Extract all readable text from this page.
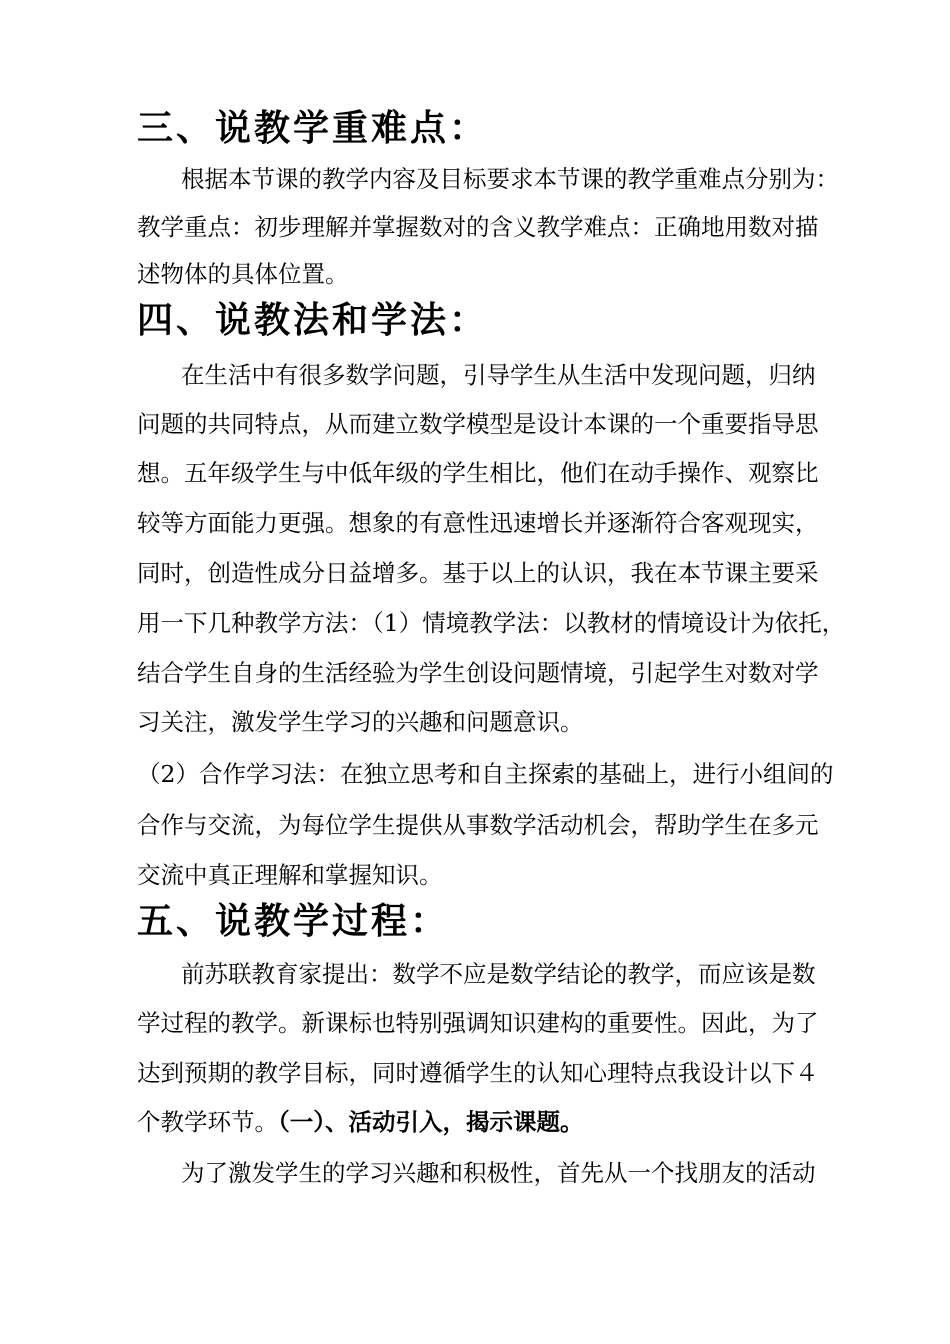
三、说教学重难点：
根据本节课的教学内容及目标要求本节课的教学重难点分别为：
教学重点：初步理解并掌握数对的含义教学难点：正确地用数对描
述物体的具体位置。
四、说教法和学法：
在生活中有很多数学问题，引导学生从生活中发现问题，归纳
问题的共同特点，从而建立数学模型是设计本课的一个重要指导思
想。五年级学生与中低年级的学生相比，他们在动手操作、观察比
较等方面能力更强。想象的有意性迅速增长并逐渐符合客观现实，
同时，创造性成分日益增多。基于以上的认识，我在本节课主要采
用一下几种教学方法：（1）情境教学法：以教材的情境设计为依托，
结合学生自身的生活经验为学生创设问题情境，引起学生对数对学
习关注，激发学生学习的兴趣和问题意识。
（2）合作学习法：在独立思考和自主探索的基础上，进行小组间的
合作与交流，为每位学生提供从事数学活动机会，帮助学生在多元
交流中真正理解和掌握知识。
五、说教学过程：
前苏联教育家提出：数学不应是数学结论的教学，而应该是数
学过程的教学。新课标也特别强调知识建构的重要性。因此，为了
达到预期的教学目标，同时遵循学生的认知心理特点我设计以下４
个教学环节。（一）、活动引入，揭示课题。
为了激发学生的学习兴趣和积极性，首先从一个找朋友的活动
